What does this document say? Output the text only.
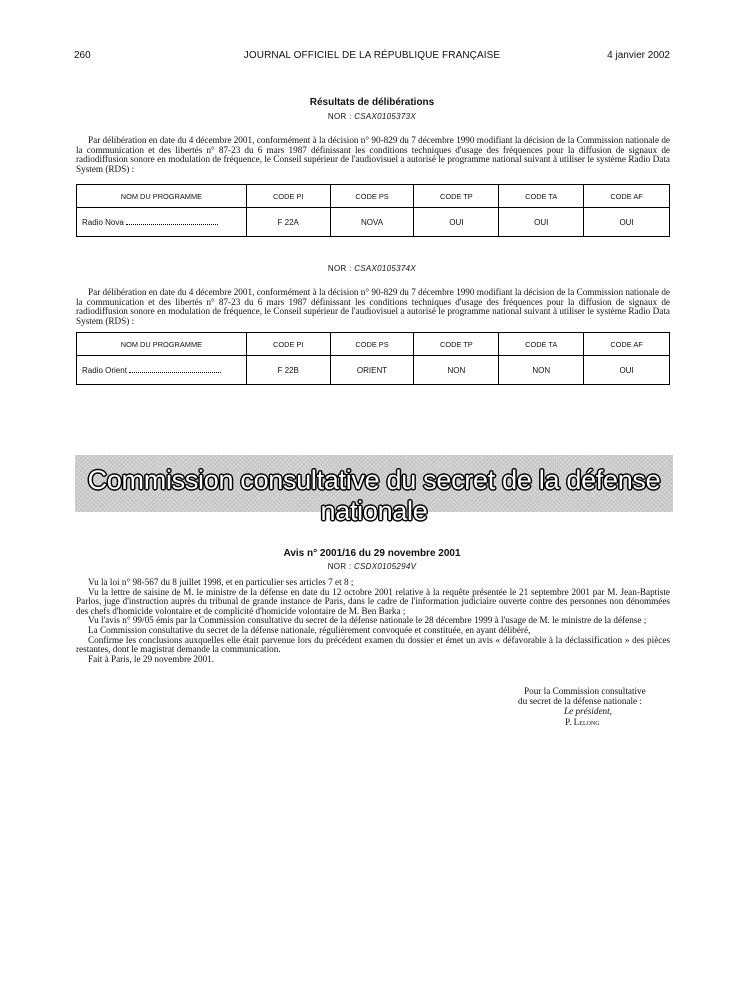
260	JOURNAL OFFICIEL DE LA RÉPUBLIQUE FRANÇAISE	4 janvier 2002
Résultats de délibérations
NOR : CSAX0105373X

Par délibération en date du 4 décembre 2001, conformément à la décision n° 90-829 du 7 décembre 1990 modifiant la décision de la Commission nationale de la communication et des libertés n° 87-23 du 6 mars 1987 définissant les conditions techniques d'usage des fréquences pour la diffusion de signaux de radiodiffusion sonore en modulation de fréquence, le Conseil supérieur de l'audiovisuel a autorisé le programme national suivant à utiliser le système Radio Data System (RDS) :

NOM DU PROGRAMME	CODE PI	CODE PS	CODE TP	CODE TA	CODE AF
Radio Nova	F 22A	NOVA	OUI	OUI	OUI
NOR : CSAX0105374X

Par délibération en date du 4 décembre 2001, conformément à la décision n° 90-829 du 7 décembre 1990 modifiant la décision de la Commission nationale de la communication et des libertés n° 87-23 du 6 mars 1987 définissant les conditions techniques d'usage des fréquences pour la diffusion de signaux de radiodiffusion sonore en modulation de fréquence, le Conseil supérieur de l'audiovisuel a autorisé le programme national suivant à utiliser le système Radio Data System (RDS) :

NOM DU PROGRAMME	CODE PI	CODE PS	CODE TP	CODE TA	CODE AF
Radio Orient	F 22B	ORIENT	NON	NON	OUI
Commission consultative du secret de la défense nationale
Avis n° 2001/16 du 29 novembre 2001
NOR : CSDX0105294V

Vu la loi n° 98-567 du 8 juillet 1998, et en particulier ses articles 7 et 8 ;

Vu la lettre de saisine de M. le ministre de la défense en date du 12 octobre 2001 relative à la requête présentée le 21 septembre 2001 par M. Jean-Baptiste Parlos, juge d'instruction auprès du tribunal de grande instance de Paris, dans le cadre de l'information judiciaire ouverte contre des personnes non dénommées des chefs d'homicide volontaire et de complicité d'homicide volontaire de M. Ben Barka ;

Vu l'avis n° 99/05 émis par la Commission consultative du secret de la défense nationale le 28 décembre 1999 à l'usage de M. le ministre de la défense ;

La Commission consultative du secret de la défense nationale, régulièrement convoquée et constituée, en ayant délibéré,

Confirme les conclusions auxquelles elle était parvenue lors du précédent examen du dossier et émet un avis « défavorable à la déclassification » des pièces restantes, dont le magistrat demande la communication.

Fait à Paris, le 29 novembre 2001.

Pour la Commission consultative
du secret de la défense nationale :
Le président,
P. Lelong
